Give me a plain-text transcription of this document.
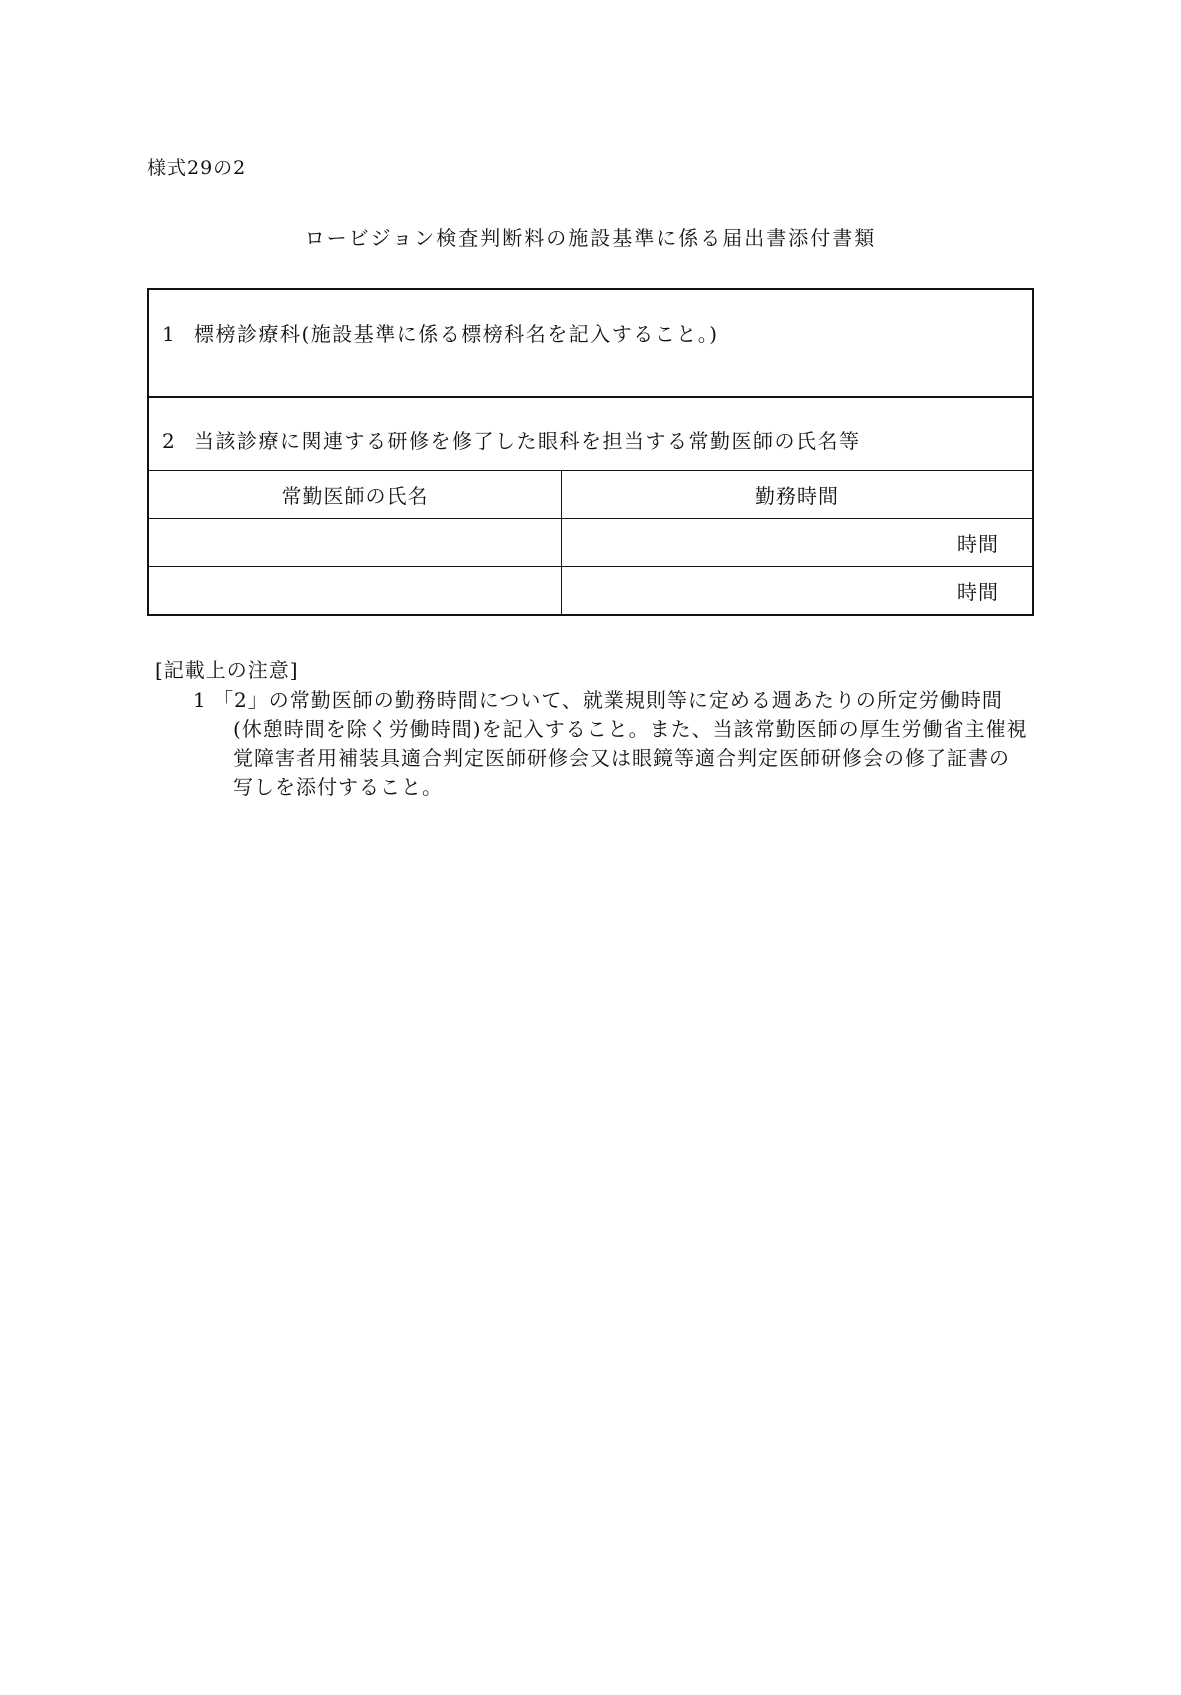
様式29の2
ロービジョン検査判断料の施設基準に係る届出書添付書類
1 標榜診療科(施設基準に係る標榜科名を記入すること。)
2 当該診療に関連する研修を修了した眼科を担当する常勤医師の氏名等
常勤医師の氏名	勤務時間
時間
時間
[記載上の注意]
1 「2」の常勤医師の勤務時間について、就業規則等に定める週あたりの所定労働時間
(休憩時間を除く労働時間)を記入すること。また、当該常勤医師の厚生労働省主催視
覚障害者用補装具適合判定医師研修会又は眼鏡等適合判定医師研修会の修了証書の
写しを添付すること。
